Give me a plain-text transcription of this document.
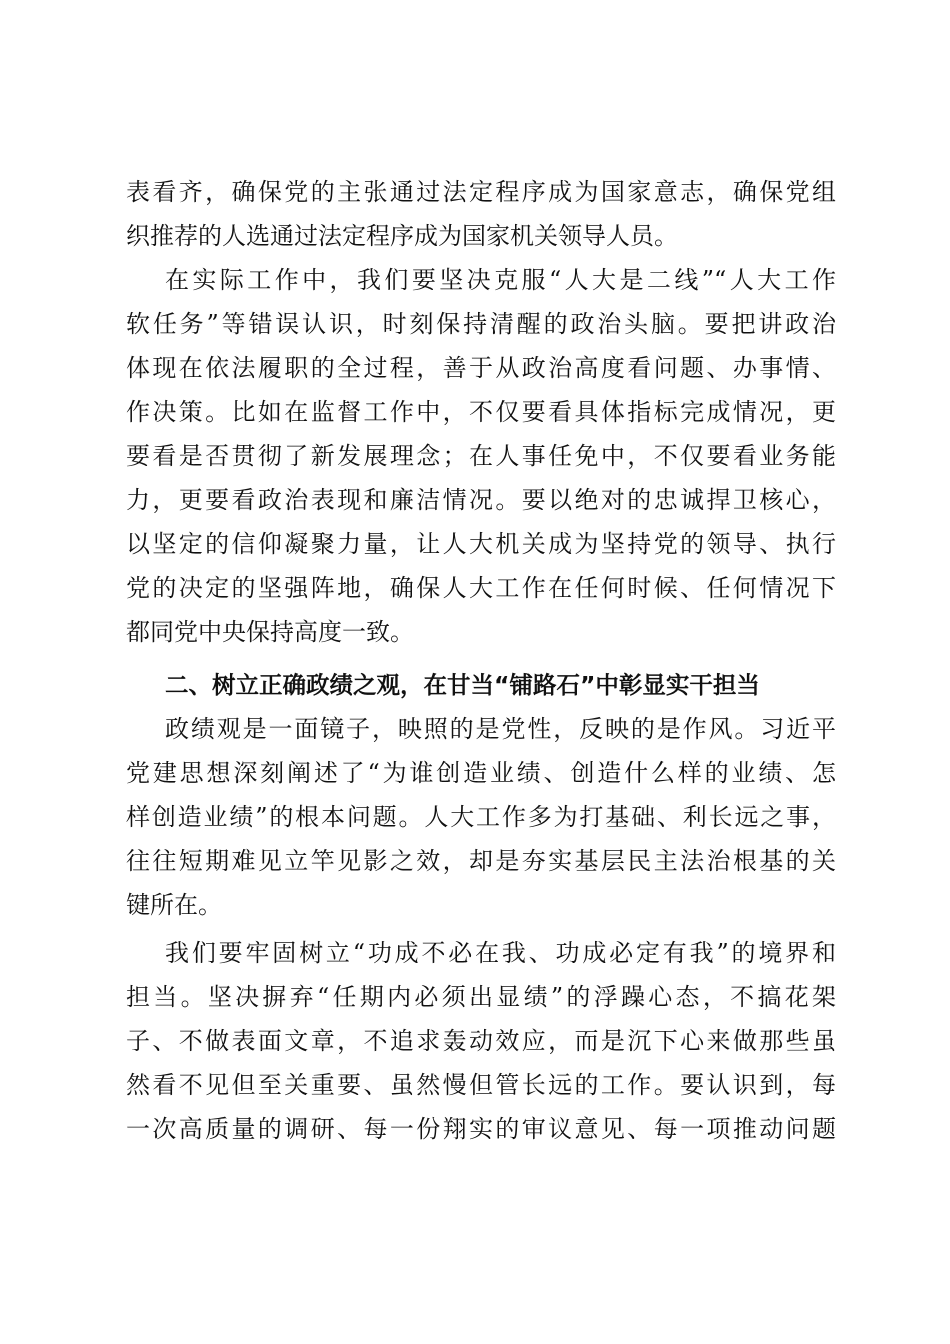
表看齐，确保党的主张通过法定程序成为国家意志，确保党组
织推荐的人选通过法定程序成为国家机关领导人员。
在实际工作中，我们要坚决克服“人大是二线”“人大工作
软任务”等错误认识，时刻保持清醒的政治头脑。要把讲政治
体现在依法履职的全过程，善于从政治高度看问题、办事情、
作决策。比如在监督工作中，不仅要看具体指标完成情况，更
要看是否贯彻了新发展理念；在人事任免中，不仅要看业务能
力，更要看政治表现和廉洁情况。要以绝对的忠诚捍卫核心，
以坚定的信仰凝聚力量，让人大机关成为坚持党的领导、执行
党的决定的坚强阵地，确保人大工作在任何时候、任何情况下
都同党中央保持高度一致。
二、树立正确政绩之观，在甘当“铺路石”中彰显实干担当
政绩观是一面镜子，映照的是党性，反映的是作风。习近平
党建思想深刻阐述了“为谁创造业绩、创造什么样的业绩、怎
样创造业绩”的根本问题。人大工作多为打基础、利长远之事，
往往短期难见立竿见影之效，却是夯实基层民主法治根基的关
键所在。
我们要牢固树立“功成不必在我、功成必定有我”的境界和
担当。坚决摒弃“任期内必须出显绩”的浮躁心态，不搞花架
子、不做表面文章，不追求轰动效应，而是沉下心来做那些虽
然看不见但至关重要、虽然慢但管长远的工作。要认识到，每
一次高质量的调研、每一份翔实的审议意见、每一项推动问题
